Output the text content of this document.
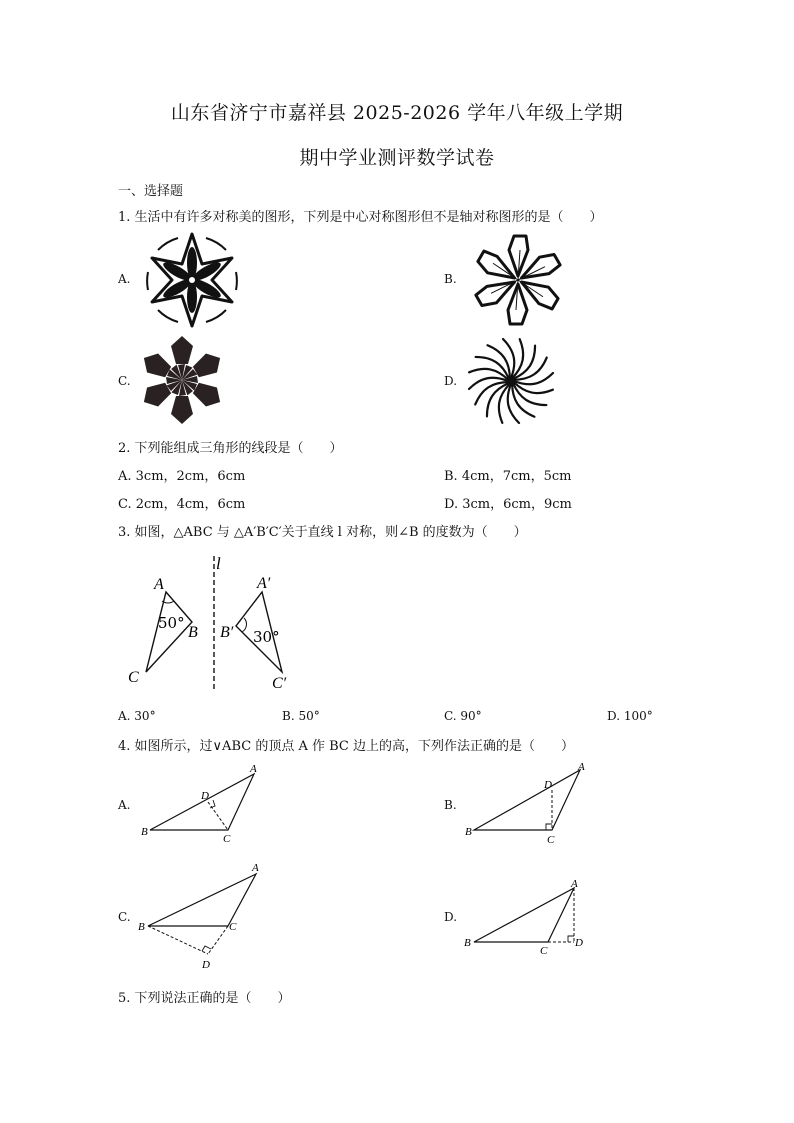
山东省济宁市嘉祥县 2025-2026 学年八年级上学期
期中学业测评数学试卷
一、选择题
1. 生活中有许多对称美的图形，下列是中心对称图形但不是轴对称图形的是（　　）
A.	B.
C.	D.
2. 下列能组成三角形的线段是（　　）
A. 3cm，2cm，6cm	B. 4cm，7cm，5cm
C. 2cm，4cm，6cm	D. 3cm，6cm，9cm
3. 如图，△ABC 与 △A′B′C′关于直线 l 对称，则∠B 的度数为（　　）
l
A
50°
B
C
A′
B′ 30°
C′
A. 30°	B. 50°	C. 90°	D. 100°
4. 如图所示，过∨ABC 的顶点 A 作 BC 边上的高，下列作法正确的是（　　）
A.
A
B
C
D
B.
A
B
C
D
C.
A
B	C
D
D.
A
B
C
D
5. 下列说法正确的是（　　）
